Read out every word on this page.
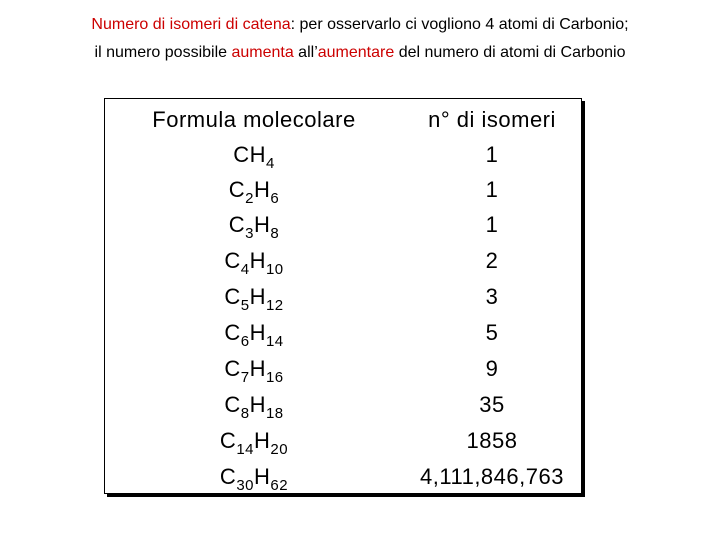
Numero di isomeri di catena: per osservarlo ci vogliono 4 atomi di Carbonio;
il numero possibile aumenta all’aumentare del numero di atomi di Carbonio
Formula molecolare	n° di isomeri
$CH_4$	1
$C_2H_6$	1
$C_3H_8$	1
$C_4H_{10}$	2
$C_5H_{12}$	3
$C_6H_{14}$	5
$C_7H_{16}$	9
$C_8H_{18}$	35
$C_{14}H_{20}$	1858
$C_{30}H_{62}$	4,111,846,763
